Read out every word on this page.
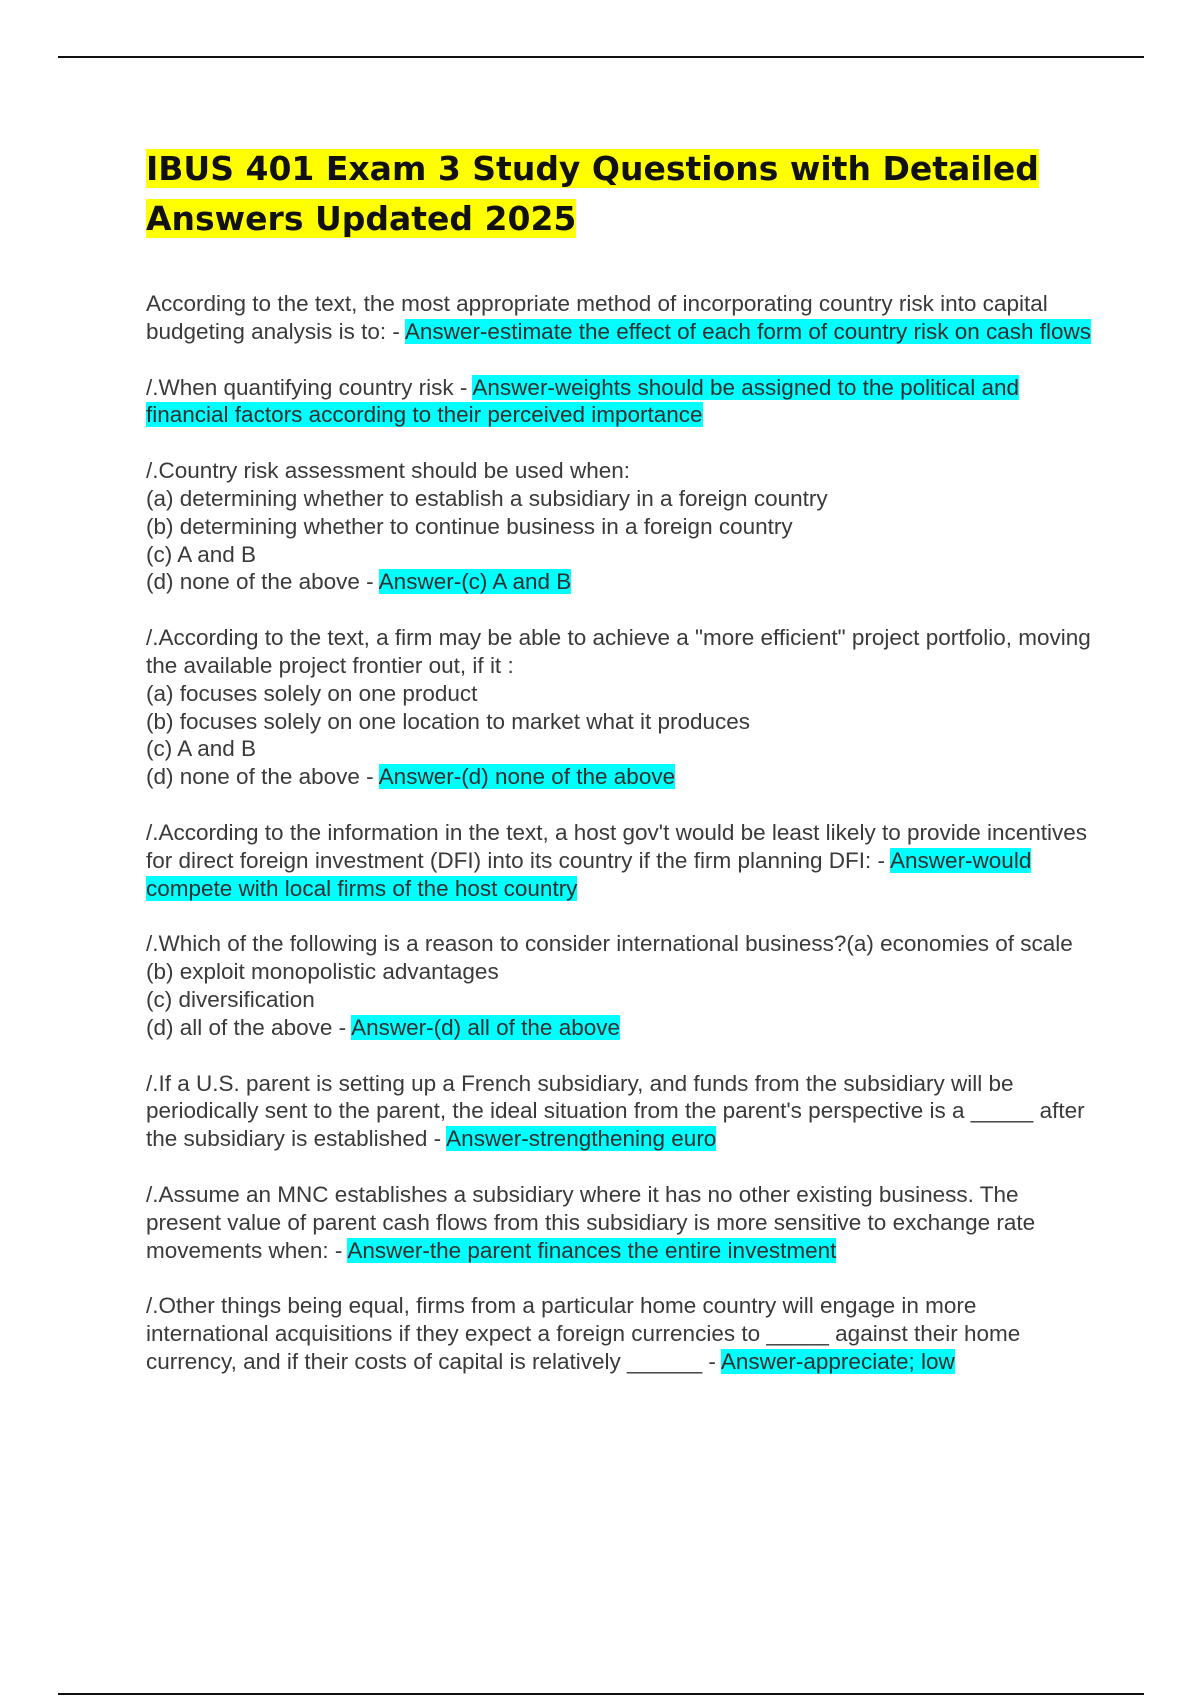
IBUS 401 Exam 3 Study Questions with Detailed Answers Updated 2025
According to the text, the most appropriate method of incorporating country risk into capital budgeting analysis is to: - Answer-estimate the effect of each form of country risk on cash flows
/.When quantifying country risk - Answer-weights should be assigned to the political and financial factors according to their perceived importance
/.Country risk assessment should be used when:
(a) determining whether to establish a subsidiary in a foreign country
(b) determining whether to continue business in a foreign country
(c) A and B
(d) none of the above - Answer-(c) A and B
/.According to the text, a firm may be able to achieve a "more efficient" project portfolio, moving the available project frontier out, if it :
(a) focuses solely on one product
(b) focuses solely on one location to market what it produces
(c) A and B
(d) none of the above - Answer-(d) none of the above
/.According to the information in the text, a host gov't would be least likely to provide incentives for direct foreign investment (DFI) into its country if the firm planning DFI: - Answer-would compete with local firms of the host country
/.Which of the following is a reason to consider international business?(a) economies of scale
(b) exploit monopolistic advantages
(c) diversification
(d) all of the above - Answer-(d) all of the above
/.If a U.S. parent is setting up a French subsidiary, and funds from the subsidiary will be periodically sent to the parent, the ideal situation from the parent's perspective is a _____ after the subsidiary is established - Answer-strengthening euro
/.Assume an MNC establishes a subsidiary where it has no other existing business. The present value of parent cash flows from this subsidiary is more sensitive to exchange rate movements when: - Answer-the parent finances the entire investment
/.Other things being equal, firms from a particular home country will engage in more international acquisitions if they expect a foreign currencies to _____ against their home currency, and if their costs of capital is relatively ______ - Answer-appreciate; low
